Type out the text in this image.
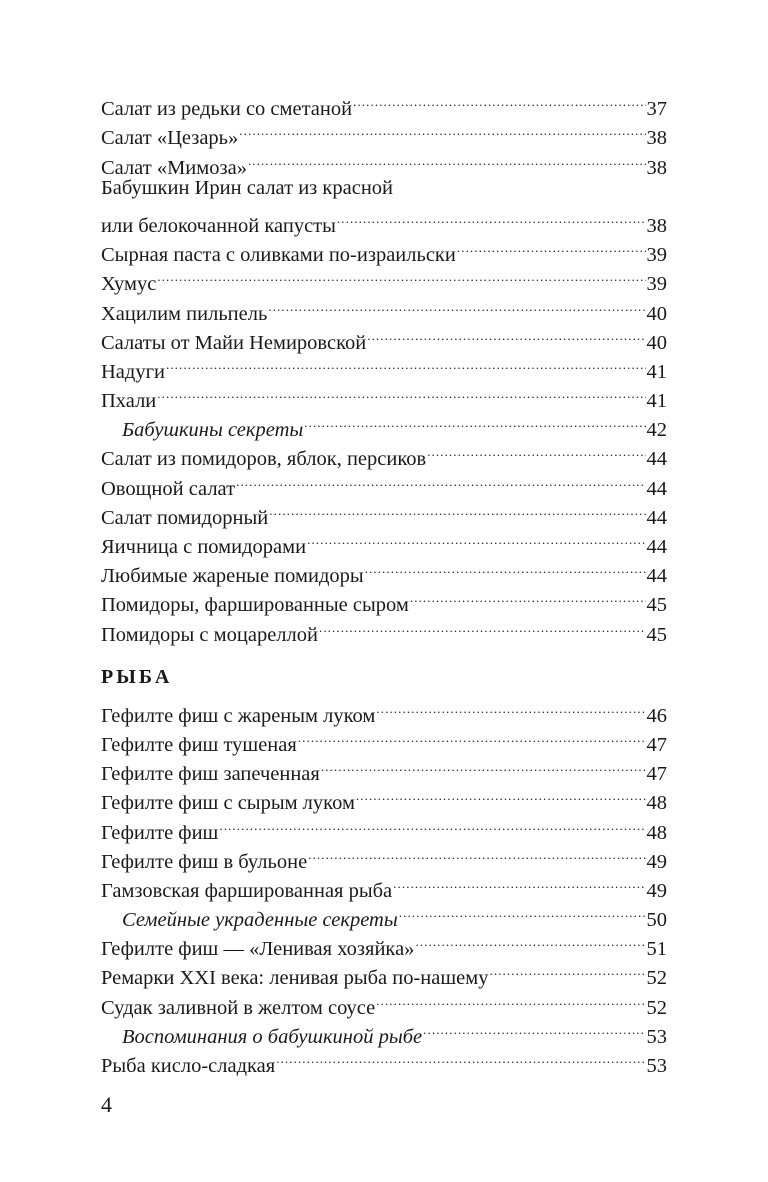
Салат из редьки со сметаной .....	37
Салат «Цезарь» .....	38
Салат «Мимоза» .....	38
Бабушкин Ирин салат из красной
или белокочанной капусты .....	38
Сырная паста с оливками по-израильски .....	39
Хумус .....	39
Хацилим пильпель .....	40
Салаты от Майи Немировской .....	40
Надуги .....	41
Пхали .....	41
Бабушкины секреты .....	42
Салат из помидоров, яблок, персиков .....	44
Овощной салат .....	44
Салат помидорный .....	44
Яичница с помидорами .....	44
Любимые жареные помидоры .....	44
Помидоры, фаршированные сыром .....	45
Помидоры с моцареллой .....	45
РЫБА
Гефилте фиш с жареным луком .....	46
Гефилте фиш тушеная .....	47
Гефилте фиш запеченная .....	47
Гефилте фиш с сырым луком .....	48
Гефилте фиш .....	48
Гефилте фиш в бульоне .....	49
Гамзовская фаршированная рыба .....	49
Семейные украденные секреты .....	50
Гефилте фиш — «Ленивая хозяйка» .....	51
Ремарки XXI века: ленивая рыба по-нашему .....	52
Судак заливной в желтом соусе .....	52
Воспоминания о бабушкиной рыбе .....	53
Рыба кисло-сладкая .....	53
4
